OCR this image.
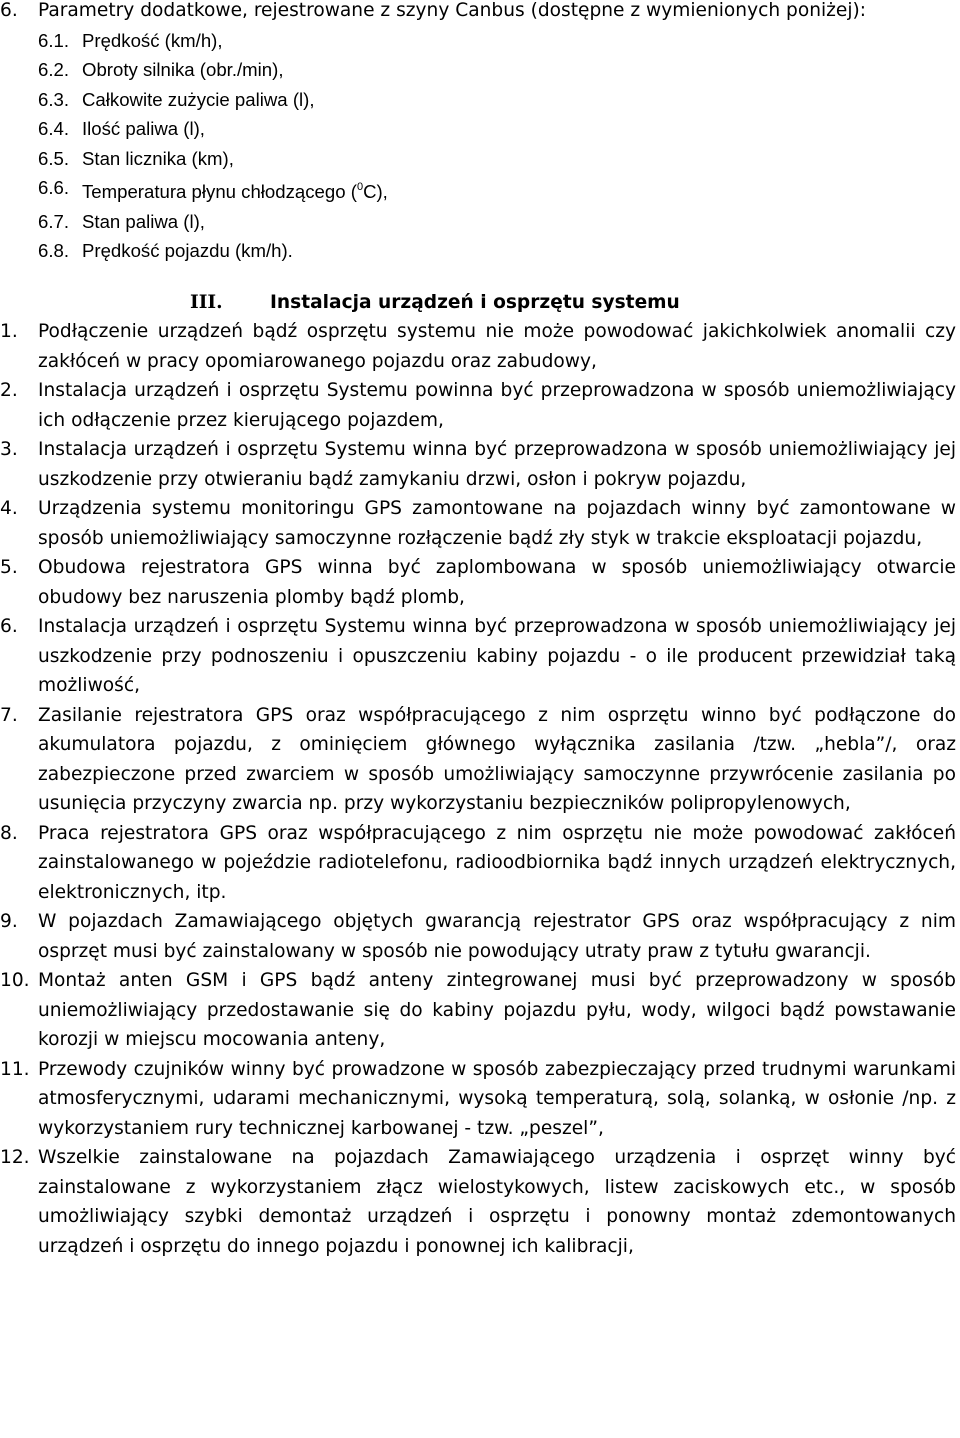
6. Parametry dodatkowe, rejestrowane z szyny Canbus (dostępne z wymienionych poniżej):
6.1. Prędkość (km/h),
6.2. Obroty silnika (obr./min),
6.3. Całkowite zużycie paliwa (l),
6.4. Ilość paliwa (l),
6.5. Stan licznika (km),
6.6. Temperatura płynu chłodzącego ($^0$C),
6.7. Stan paliwa (l),
6.8. Prędkość pojazdu (km/h).
III.	Instalacja urządzeń i osprzętu systemu
1. Podłączenie urządzeń bądź osprzętu systemu nie może powodować jakichkolwiek anomalii czy zakłóceń w pracy opomiarowanego pojazdu oraz zabudowy,
2. Instalacja urządzeń i osprzętu Systemu powinna być przeprowadzona w sposób uniemożliwiający ich odłączenie przez kierującego pojazdem,
3. Instalacja urządzeń i osprzętu Systemu winna być przeprowadzona w sposób uniemożliwiający jej uszkodzenie przy otwieraniu bądź zamykaniu drzwi, osłon i pokryw pojazdu,
4. Urządzenia systemu monitoringu GPS zamontowane na pojazdach winny być zamontowane w sposób uniemożliwiający samoczynne rozłączenie bądź zły styk w trakcie eksploatacji pojazdu,
5. Obudowa rejestratora GPS winna być zaplombowana w sposób uniemożliwiający otwarcie obudowy bez naruszenia plomby bądź plomb,
6. Instalacja urządzeń i osprzętu Systemu winna być przeprowadzona w sposób uniemożliwiający jej uszkodzenie przy podnoszeniu i opuszczeniu kabiny pojazdu - o ile producent przewidział taką możliwość,
7. Zasilanie rejestratora GPS oraz współpracującego z nim osprzętu winno być podłączone do akumulatora pojazdu, z ominięciem głównego wyłącznika zasilania /tzw. „hebla”/, oraz zabezpieczone przed zwarciem w sposób umożliwiający samoczynne przywrócenie zasilania po usunięcia przyczyny zwarcia np. przy wykorzystaniu bezpieczników polipropylenowych,
8. Praca rejestratora GPS oraz współpracującego z nim osprzętu nie może powodować zakłóceń zainstalowanego w pojeździe radiotelefonu, radioodbiornika bądź innych urządzeń elektrycznych, elektronicznych, itp.
9. W pojazdach Zamawiającego objętych gwarancją rejestrator GPS oraz współpracujący z nim osprzęt musi być zainstalowany w sposób nie powodujący utraty praw z tytułu gwarancji.
10. Montaż anten GSM i GPS bądź anteny zintegrowanej musi być przeprowadzony w sposób uniemożliwiający przedostawanie się do kabiny pojazdu pyłu, wody, wilgoci bądź powstawanie korozji w miejscu mocowania anteny,
11. Przewody czujników winny być prowadzone w sposób zabezpieczający przed trudnymi warunkami atmosferycznymi, udarami mechanicznymi, wysoką temperaturą, solą, solanką, w osłonie /np. z wykorzystaniem rury technicznej karbowanej - tzw. „peszel”,
12. Wszelkie zainstalowane na pojazdach Zamawiającego urządzenia i osprzęt winny być zainstalowane z wykorzystaniem złącz wielostykowych, listew zaciskowych etc., w sposób umożliwiający szybki demontaż urządzeń i osprzętu i ponowny montaż zdemontowanych urządzeń i osprzętu do innego pojazdu i ponownej ich kalibracji,
